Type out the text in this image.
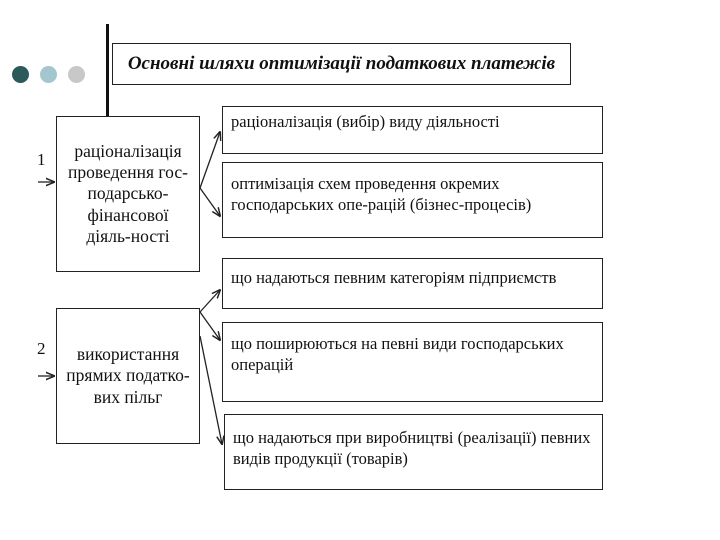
Основні шляхи оптимізації податкових платежів
1	раціоналізація проведення гос-подарсько-фінансової діяль-ності
раціоналізація (вибір) виду діяльності
оптимізація схем проведення окремих господарських опе-рацій (бізнес-процесів)
2	використання прямих податко-вих пільг
що надаються певним категоріям підприємств
що поширюються на певні види господарських операцій
що надаються при виробництві (реалізації) певних видів продукції (товарів)
